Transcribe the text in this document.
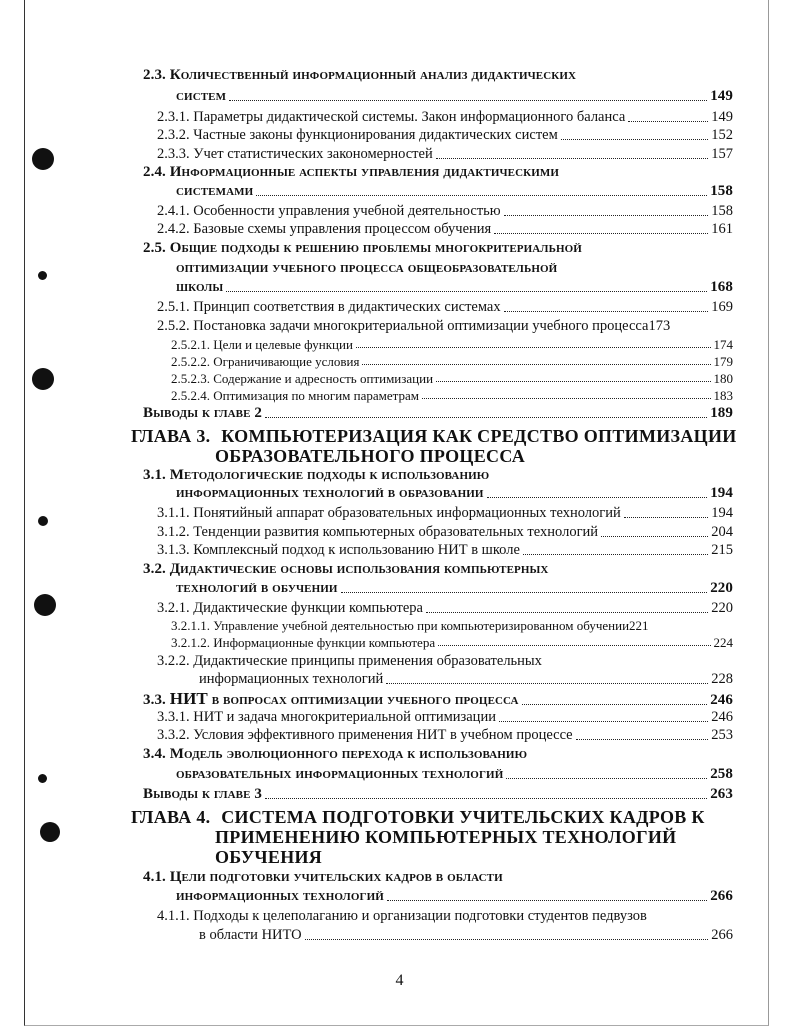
2.3. Количественный информационный анализ дидактических
систем	149
2.3.1. Параметры дидактической системы. Закон информационного баланса	149
2.3.2. Частные законы функционирования дидактических систем	152
2.3.3. Учет статистических закономерностей	157
2.4. Информационные аспекты управления дидактическими
системами	158
2.4.1. Особенности управления учебной деятельностью	158
2.4.2. Базовые схемы управления процессом обучения	161
2.5. Общие подходы к решению проблемы многокритериальной
оптимизации учебного процесса общеобразовательной
школы	168
2.5.1. Принцип соответствия в дидактических системах	169
2.5.2. Постановка задачи многокритериальной оптимизации учебного процесса 173
2.5.2.1. Цели и целевые функции	174
2.5.2.2. Ограничивающие условия	179
2.5.2.3. Содержание и адресность оптимизации	180
2.5.2.4. Оптимизация по многим параметрам	183
Выводы к главе 2	189
ГЛАВА 3. КОМПЬЮТЕРИЗАЦИЯ КАК СРЕДСТВО ОПТИМИЗАЦИИ
ОБРАЗОВАТЕЛЬНОГО ПРОЦЕССА
3.1. Методологические подходы к использованию
информационных технологий в образовании	194
3.1.1. Понятийный аппарат образовательных информационных технологий	194
3.1.2. Тенденции развития компьютерных образовательных технологий	204
3.1.3. Комплексный подход к использованию НИТ в школе	215
3.2. Дидактические основы использования компьютерных
технологий в обучении	220
3.2.1. Дидактические функции компьютера	220
3.2.1.1. Управление учебной деятельностью при компьютеризированном обучении 221
3.2.1.2. Информационные функции компьютера	224
3.2.2. Дидактические принципы применения образовательных
информационных технологий	228
3.3. НИТ в вопросах оптимизации учебного процесса	246
3.3.1. НИТ и задача многокритериальной оптимизации	246
3.3.2. Условия эффективного применения НИТ в учебном процессе	253
3.4. Модель эволюционного перехода к использованию
образовательных информационных технологий	258
Выводы к главе 3	263
ГЛАВА 4. СИСТЕМА ПОДГОТОВКИ УЧИТЕЛЬСКИХ КАДРОВ К
ПРИМЕНЕНИЮ КОМПЬЮТЕРНЫХ ТЕХНОЛОГИЙ
ОБУЧЕНИЯ
4.1. Цели подготовки учительских кадров в области
информационных технологий	266
4.1.1. Подходы к целеполаганию и организации подготовки студентов педвузов
в области НИТО	266
4
